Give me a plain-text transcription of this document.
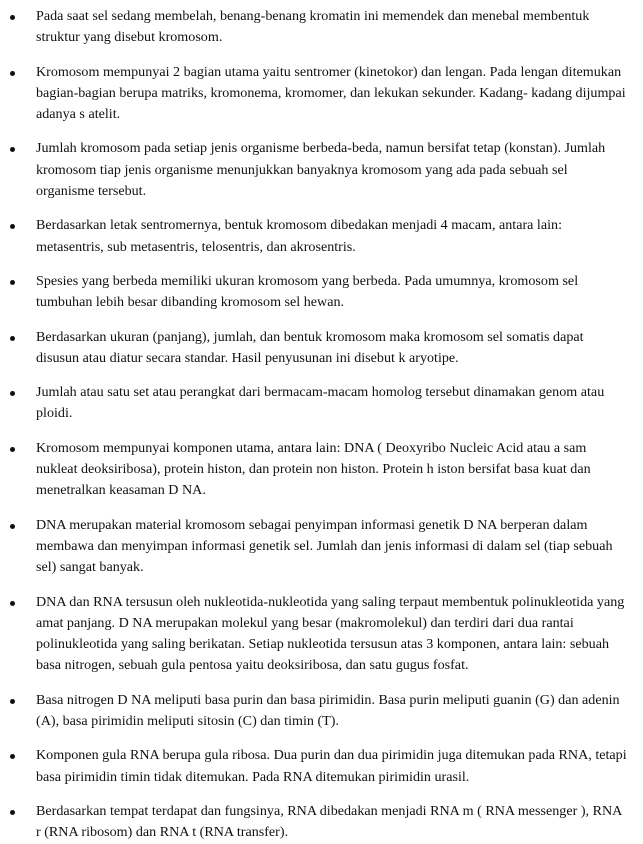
Pada saat sel sedang membelah, benang-benang kromatin ini memendek dan menebal membentuk struktur yang disebut kromosom.
Kromosom mempunyai 2 bagian utama yaitu sentromer (kinetokor) dan lengan. Pada lengan ditemukan bagian-bagian berupa matriks, kromonema, kromomer, dan lekukan sekunder. Kadang- kadang dijumpai adanya s atelit.
Jumlah kromosom pada setiap jenis organisme berbeda-beda, namun bersifat tetap (konstan). Jumlah kromosom tiap jenis organisme menunjukkan banyaknya kromosom yang ada pada sebuah sel organisme tersebut.
Berdasarkan letak sentromernya, bentuk kromosom dibedakan menjadi 4 macam, antara lain: metasentris, sub metasentris, telosentris, dan akrosentris.
Spesies yang berbeda memiliki ukuran kromosom yang berbeda. Pada umumnya, kromosom sel tumbuhan lebih besar dibanding kromosom sel hewan.
Berdasarkan ukuran (panjang), jumlah, dan bentuk kromosom maka kromosom sel somatis dapat disusun atau diatur secara standar. Hasil penyusunan ini disebut k aryotipe.
Jumlah atau satu set atau perangkat dari bermacam-macam homolog tersebut dinamakan genom atau ploidi.
Kromosom mempunyai komponen utama, antara lain: DNA ( Deoxyribo Nucleic Acid atau a sam nukleat deoksiribosa), protein histon, dan protein non histon. Protein h iston bersifat basa kuat dan menetralkan keasaman D NA.
DNA merupakan material kromosom sebagai penyimpan informasi genetik D NA berperan dalam membawa dan menyimpan informasi genetik sel. Jumlah dan jenis informasi di dalam sel (tiap sebuah sel) sangat banyak.
DNA dan RNA tersusun oleh nukleotida-nukleotida yang saling terpaut membentuk polinukleotida yang amat panjang. D NA merupakan molekul yang besar (makromolekul) dan terdiri dari dua rantai polinukleotida yang saling berikatan. Setiap nukleotida tersusun atas 3 komponen, antara lain: sebuah basa nitrogen, sebuah gula pentosa yaitu deoksiribosa, dan satu gugus fosfat.
Basa nitrogen D NA meliputi basa purin dan basa pirimidin. Basa purin meliputi guanin (G) dan adenin (A), basa pirimidin meliputi sitosin (C) dan timin (T).
Komponen gula RNA berupa gula ribosa. Dua purin dan dua pirimidin juga ditemukan pada RNA, tetapi basa pirimidin timin tidak ditemukan. Pada RNA ditemukan pirimidin urasil.
Berdasarkan tempat terdapat dan fungsinya, RNA dibedakan menjadi RNA m ( RNA messenger ), RNA r (RNA ribosom) dan RNA t (RNA transfer).
